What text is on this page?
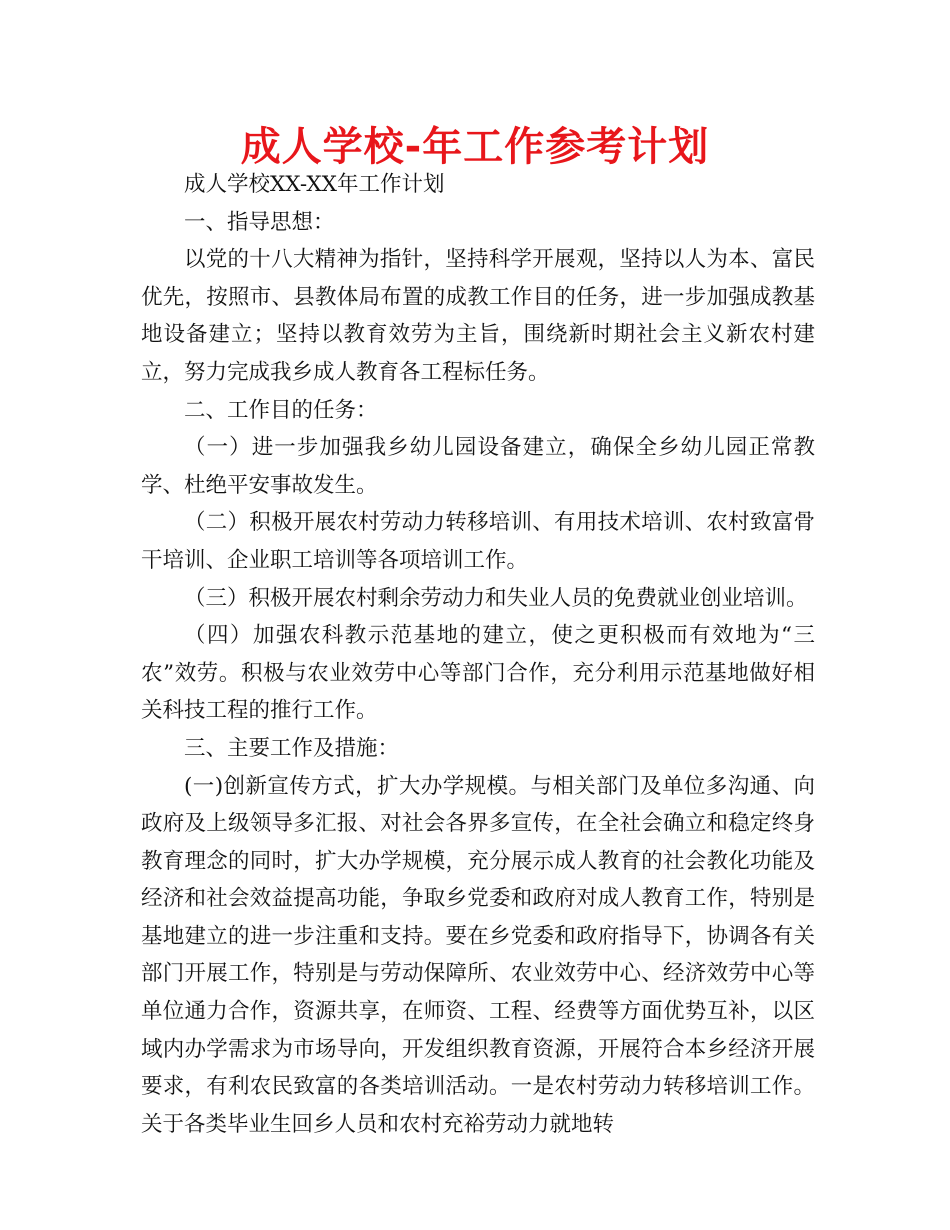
成人学校-年工作参考计划

成人学校XX-XX年工作计划

一、指导思想：

以党的十八大精神为指针，坚持科学开展观，坚持以人为本、富民优先，按照市、县教体局布置的成教工作目的任务，进一步加强成教基地设备建立；坚持以教育效劳为主旨，围绕新时期社会主义新农村建立，努力完成我乡成人教育各工程标任务。

二、工作目的任务：

（一）进一步加强我乡幼儿园设备建立，确保全乡幼儿园正常教学、杜绝平安事故发生。

（二）积极开展农村劳动力转移培训、有用技术培训、农村致富骨干培训、企业职工培训等各项培训工作。

（三）积极开展农村剩余劳动力和失业人员的免费就业创业培训。

（四）加强农科教示范基地的建立，使之更积极而有效地为“三农”效劳。积极与农业效劳中心等部门合作，充分利用示范基地做好相关科技工程的推行工作。

三、主要工作及措施：

(一)创新宣传方式，扩大办学规模。与相关部门及单位多沟通、向政府及上级领导多汇报、对社会各界多宣传，在全社会确立和稳定终身教育理念的同时，扩大办学规模，充分展示成人教育的社会教化功能及经济和社会效益提高功能，争取乡党委和政府对成人教育工作，特别是基地建立的进一步注重和支持。要在乡党委和政府指导下，协调各有关部门开展工作，特别是与劳动保障所、农业效劳中心、经济效劳中心等单位通力合作，资源共享，在师资、工程、经费等方面优势互补，以区域内办学需求为市场导向，开发组织教育资源，开展符合本乡经济开展要求，有利农民致富的各类培训活动。一是农村劳动力转移培训工作。关于各类毕业生回乡人员和农村充裕劳动力就地转
